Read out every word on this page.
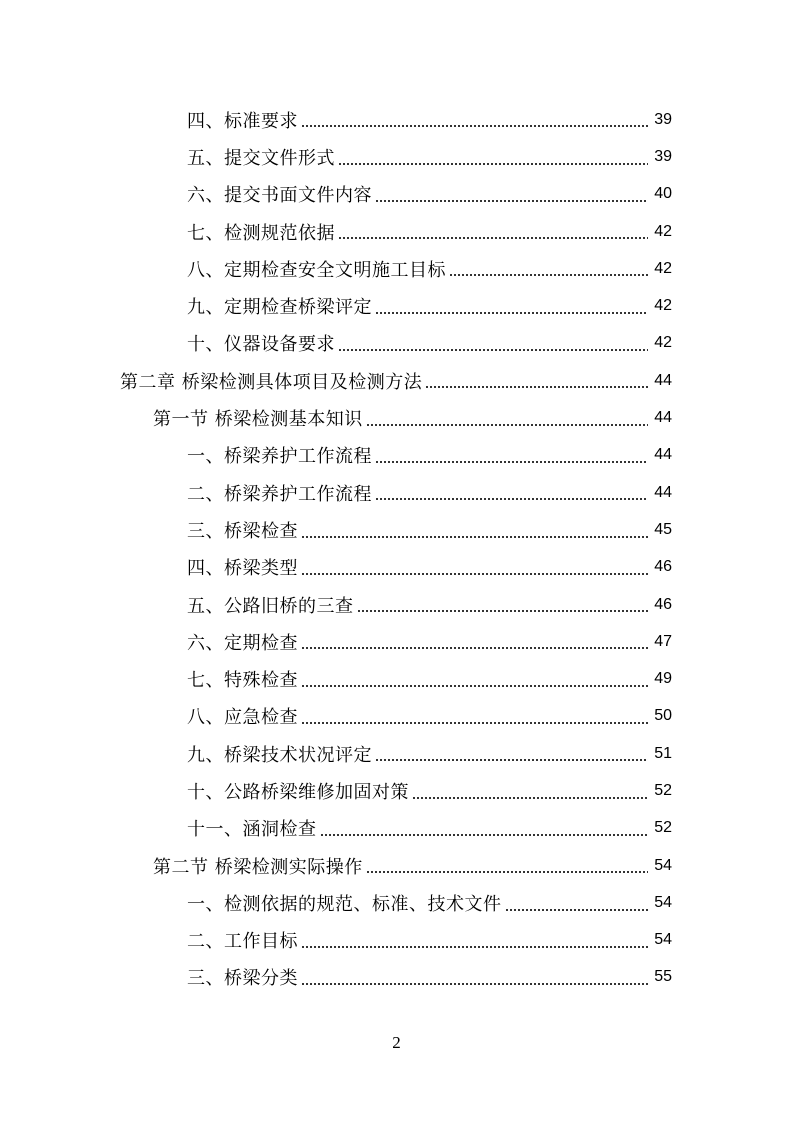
四、标准要求	39
五、提交文件形式	39
六、提交书面文件内容	40
七、检测规范依据	42
八、定期检查安全文明施工目标	42
九、定期检查桥梁评定	42
十、仪器设备要求	42
第二章 桥梁检测具体项目及检测方法	44
第一节 桥梁检测基本知识	44
一、桥梁养护工作流程	44
二、桥梁养护工作流程	44
三、桥梁检查	45
四、桥梁类型	46
五、公路旧桥的三查	46
六、定期检查	47
七、特殊检查	49
八、应急检查	50
九、桥梁技术状况评定	51
十、公路桥梁维修加固对策	52
十一、涵洞检查	52
第二节 桥梁检测实际操作	54
一、检测依据的规范、标准、技术文件	54
二、工作目标	54
三、桥梁分类	55
2
